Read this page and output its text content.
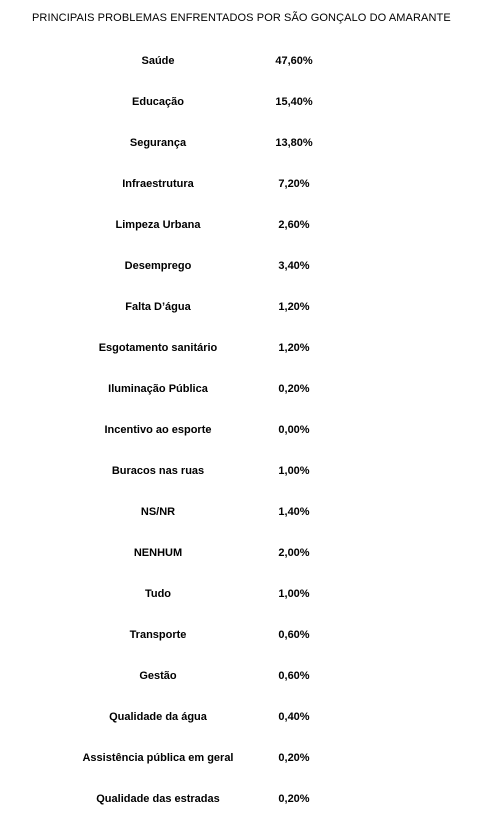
PRINCIPAIS PROBLEMAS ENFRENTADOS POR SÃO GONÇALO DO AMARANTE
Saúde	47,60%
Educação	15,40%
Segurança	13,80%
Infraestrutura	7,20%
Limpeza Urbana	2,60%
Desemprego	3,40%
Falta D’água	1,20%
Esgotamento sanitário	1,20%
Iluminação Pública	0,20%
Incentivo ao esporte	0,00%
Buracos nas ruas	1,00%
NS/NR	1,40%
NENHUM	2,00%
Tudo	1,00%
Transporte	0,60%
Gestão	0,60%
Qualidade da água	0,40%
Assistência pública em geral	0,20%
Qualidade das estradas	0,20%
